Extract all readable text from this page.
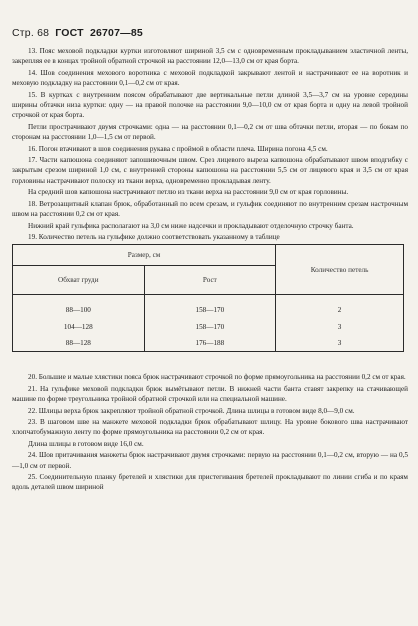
Стр. 68 ГОСТ 26707—85

13. Пояс меховой подкладки куртки изготовляют шириной 3,5 см с одновременным прокладыванием эластичной ленты, закрепляя ее в концах тройной обратной строчкой на расстоянии 12,0—13,0 см от края борта.

14. Шов соединения мехового воротника с меховой подкладкой закрывают лентой и настрачивают ее на воротник и меховую подкладку на расстоянии 0,1—0,2 см от края.

15. В куртках с внутренним поясом обрабатывают две вертикальные петли длиной 3,5—3,7 см на уровне середины ширины обтачки низа куртки: одну — на правой полочке на расстоянии 9,0—10,0 см от края борта и одну на левой тройной строчкой от края борта.

Петли прострачивают двумя строчками: одна — на расстоянии 0,1—0,2 см от шва обтачки петли, вторая — по бокам по сторонам на расстоянии 1,0—1,5 см от первой.

16. Погон втачивают в шов соединения рукава с проймой в области плеча. Ширина погона 4,5 см.

17. Части капюшона соединяют запошивочным швом. Срез лицевого выреза капюшона обрабатывают швом вподгибку с закрытым срезом шириной 1,0 см, с внутренней стороны капюшона на расстоянии 5,5 см от лицевого края и 3,5 см от края горловины настрачивают полоску из ткани верха, одновременно прокладывая ленту.

На средний шов капюшона настрачивают петлю из ткани верха на расстоянии 9,0 см от края горловины.

18. Ветрозащитный клапан брюк, обработанный по всем срезам, и гульфик соединяют по внутренним срезам настрочным швом на расстоянии 0,2 см от края.

Нижний край гульфика располагают на 3,0 см ниже надсечки и прокладывают отделочную строчку банта.

19. Количество петель на гульфике должно соответствовать указанному в таблице

Размер, см		Количество петель
Обхват груди	Рост	
88—100	158—170	2
104—128	158—170	3
88—128	176—188	3

20. Большие и малые хлястики пояса брюк настрачивают строчкой по форме прямоугольника на расстоянии 0,2 см от края.

21. На гульфике меховой подкладки брюк вымётывают петли. В нижней части банта ставят закрепку на стачивающей машине по форме треугольника тройной обратной строчкой или на специальной машине.

22. Шлицы верха брюк закрепляют тройной обратной строчкой. Длина шлицы в готовом виде 8,0—9,0 см.

23. В шаговом шве на манжете меховой подкладки брюк обрабатывают шлицу. На уровне бокового шва настрачивают хлопчатобумажную ленту по форме прямоугольника на расстоянии 0,2 см от края.

Длина шлицы в готовом виде 16,0 см.

24. Шов притачивания манжеты брюк настрачивают двумя строчками: первую на расстоянии 0,1—0,2 см, вторую — на 0,5—1,0 см от первой.

25. Соединительную планку бретелей и хлястики для пристегивания бретелей прокладывают по линии сгиба и по краям вдоль деталей швом шириной
